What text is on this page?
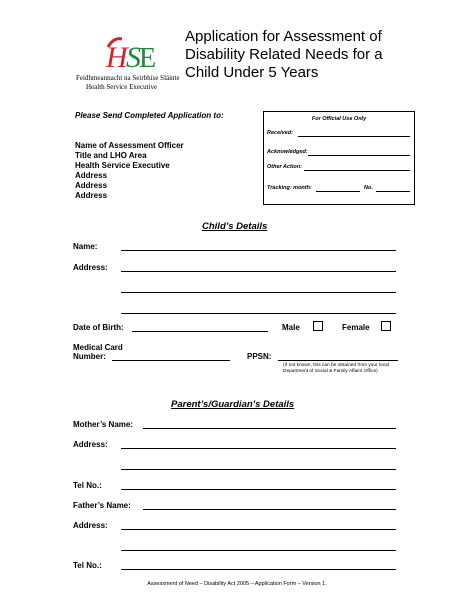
H
S
E
Feidhmeannacht na Seirbhíse Sláinte
Health Service Executive
Application for Assessment of
Disability Related Needs for a
Child Under 5 Years
Please Send Completed Application to:
Name of Assessment Officer
Title and LHO Area
Health Service Executive
Address
Address
Address
For Official Use Only
Received:
Acknowledged:
Other Action:
Tracking: month:	No.
Child’s Details
Name:
Address:
Date of Birth:	Male	Female
Medical Card
Number:	PPSN:
(If not known, this can be obtained from your local
Department of Social & Family Affairs Office)
Parent’s/Guardian’s Details
Mother’s Name:
Address:
Tel No.:
Father’s Name:
Address:
Tel No.:
Assessment of Need – Disability Act 2005 – Application Form – Version 1.
